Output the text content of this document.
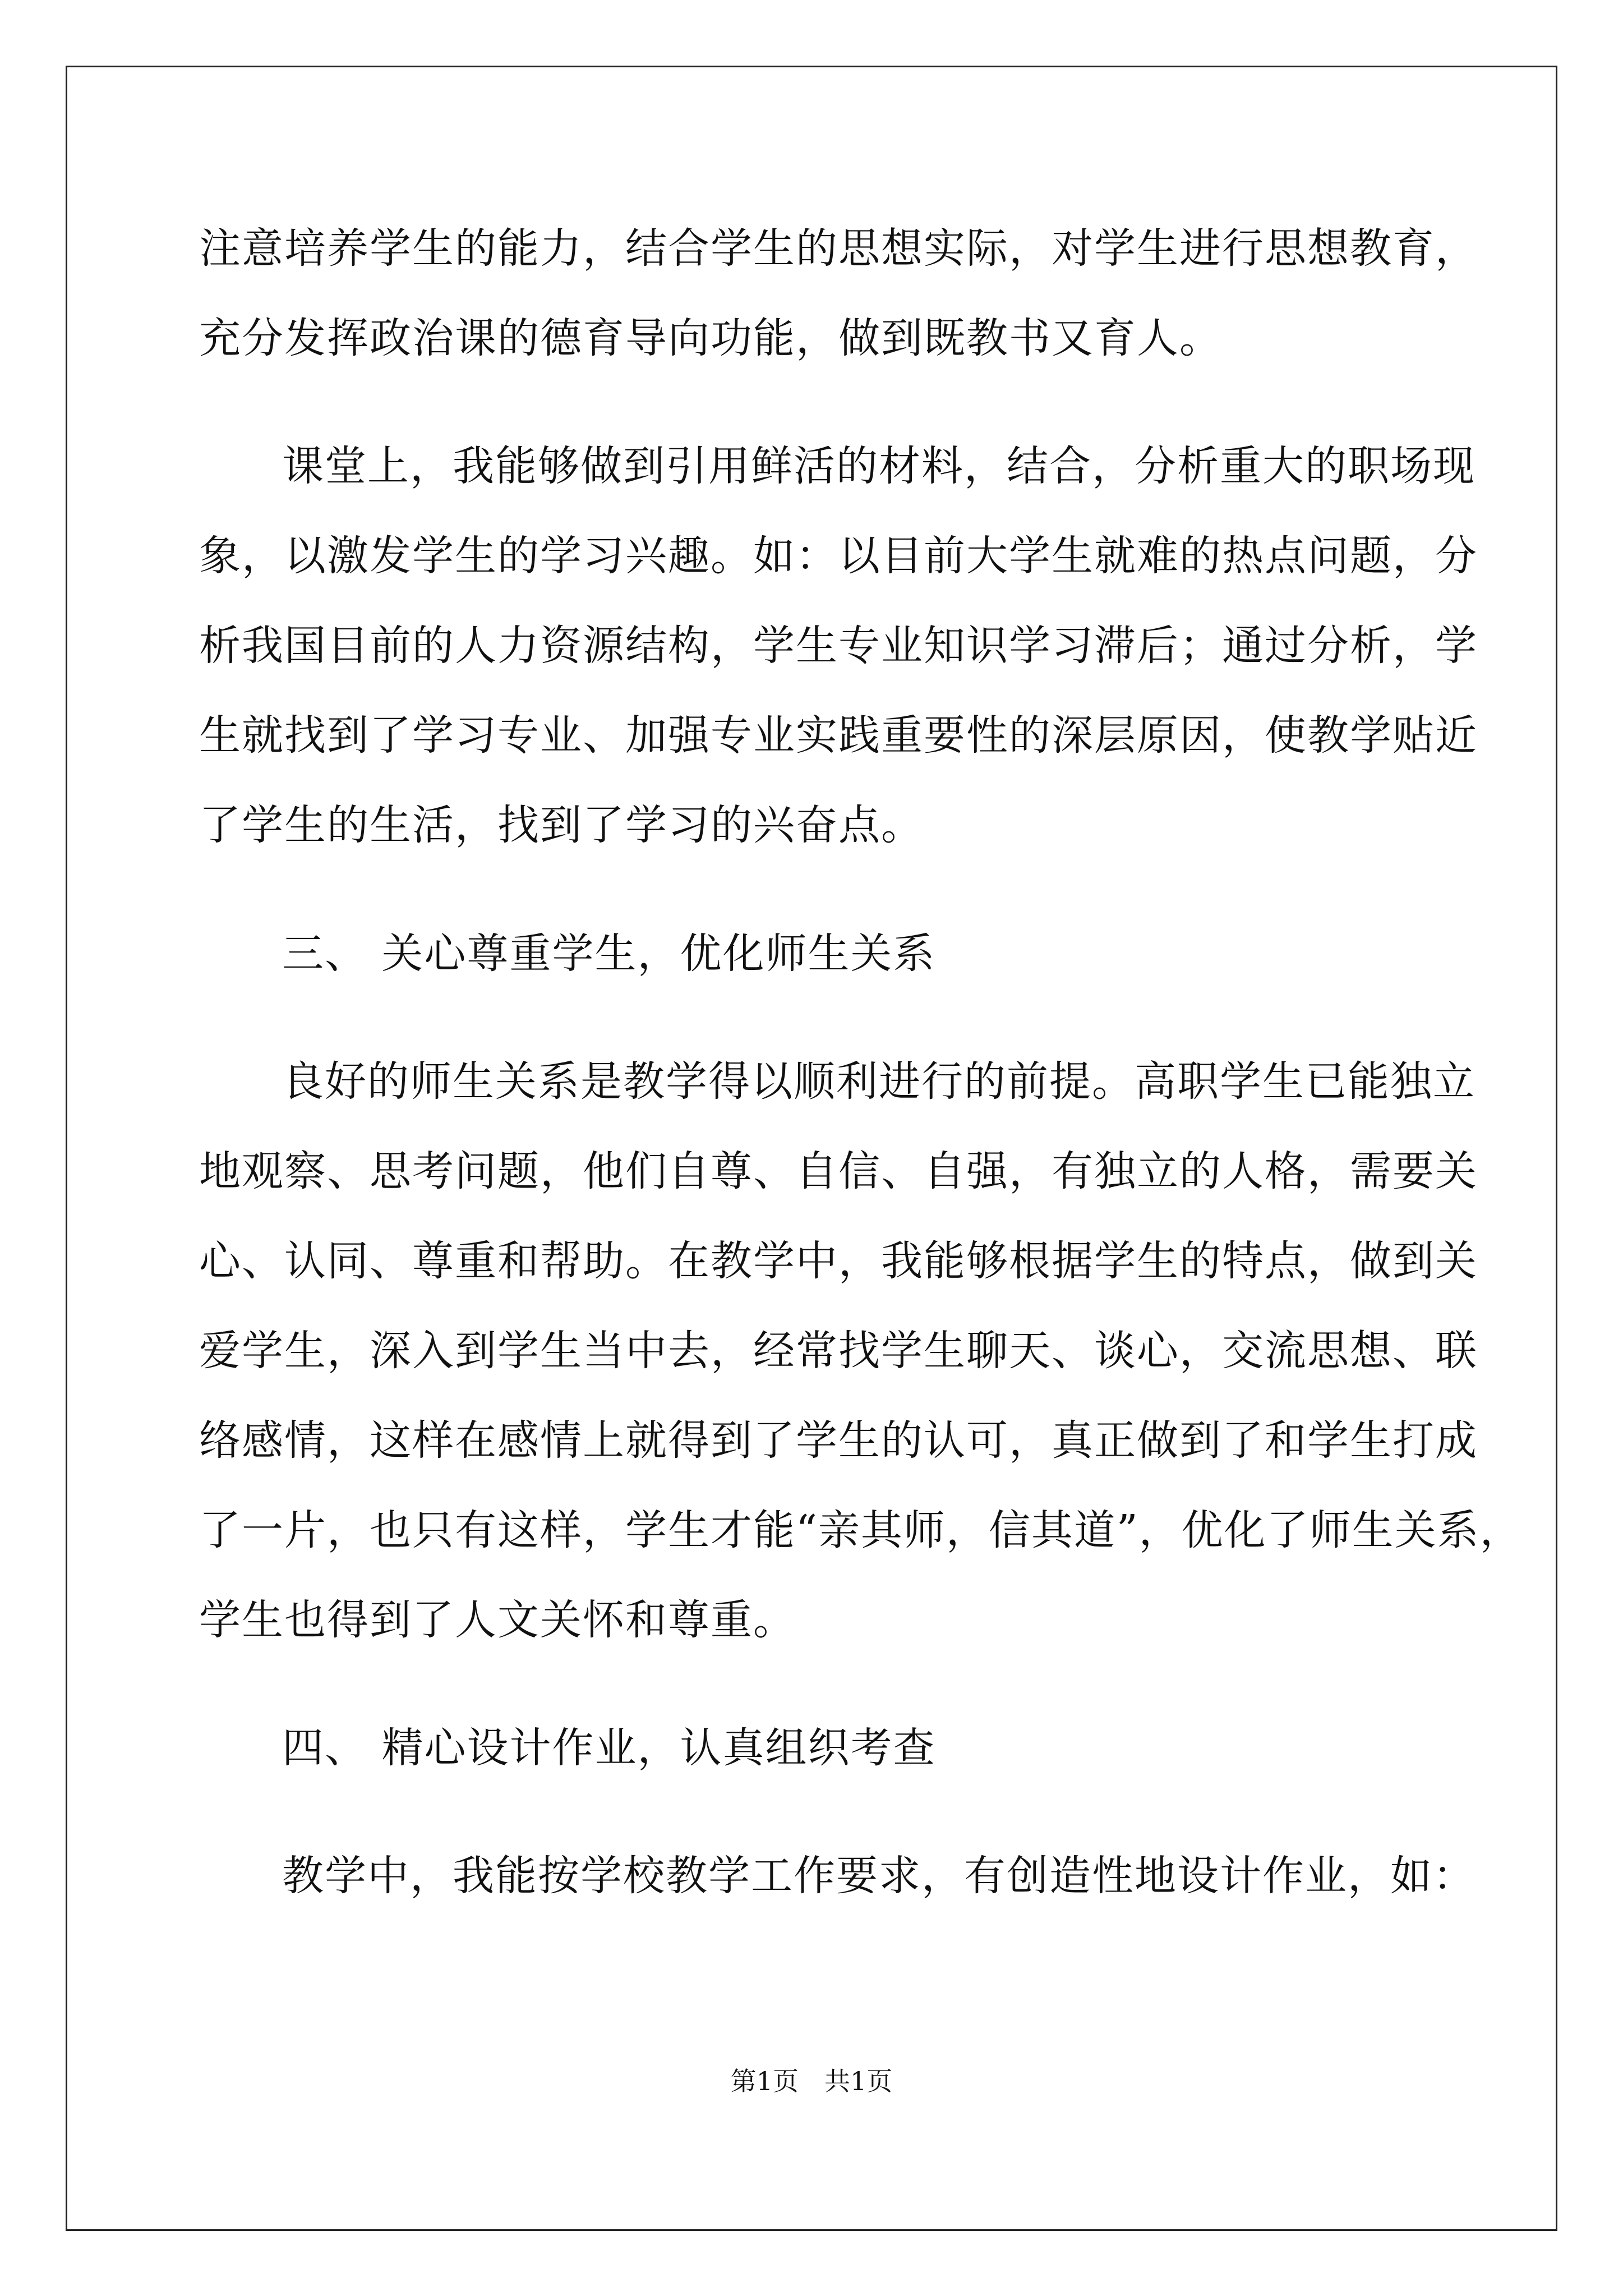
注意培养学生的能力，结合学生的思想实际，对学生进行思想教育，
充分发挥政治课的德育导向功能，做到既教书又育人。
课堂上，我能够做到引用鲜活的材料，结合，分析重大的职场现
象，以激发学生的学习兴趣。如：以目前大学生就难的热点问题，分
析我国目前的人力资源结构，学生专业知识学习滞后；通过分析，学
生就找到了学习专业、加强专业实践重要性的深层原因，使教学贴近
了学生的生活，找到了学习的兴奋点。
三、 关心尊重学生，优化师生关系
良好的师生关系是教学得以顺利进行的前提。高职学生已能独立
地观察、思考问题，他们自尊、自信、自强，有独立的人格，需要关
心、认同、尊重和帮助。在教学中，我能够根据学生的特点，做到关
爱学生，深入到学生当中去，经常找学生聊天、谈心，交流思想、联
络感情，这样在感情上就得到了学生的认可，真正做到了和学生打成
了一片，也只有这样，学生才能“亲其师，信其道”，优化了师生关系，
学生也得到了人文关怀和尊重。
四、 精心设计作业，认真组织考查
教学中，我能按学校教学工作要求，有创造性地设计作业，如：
第1页　共1页
